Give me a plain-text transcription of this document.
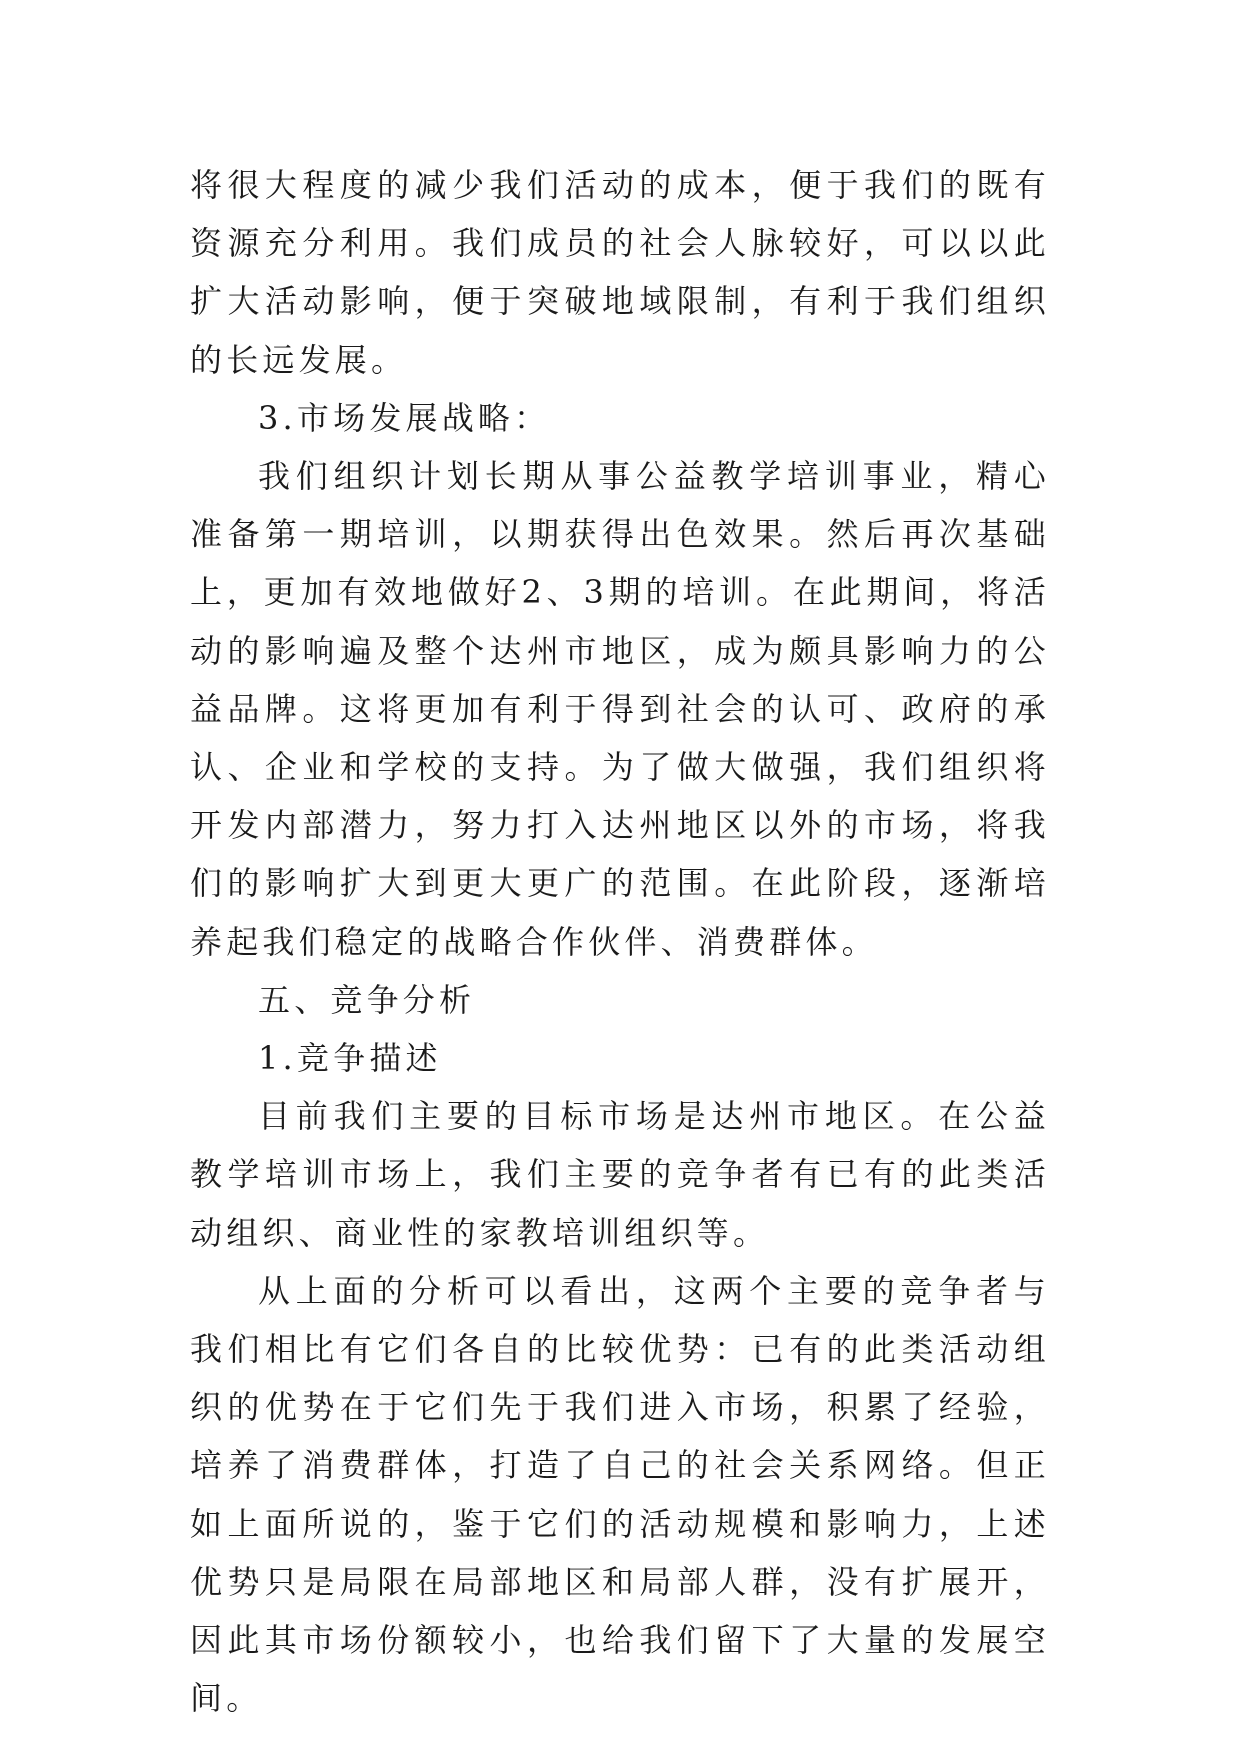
将很大程度的减少我们活动的成本，便于我们的既有资源充分利用。我们成员的社会人脉较好，可以以此扩大活动影响，便于突破地域限制，有利于我们组织的长远发展。

3.市场发展战略：

我们组织计划长期从事公益教学培训事业，精心准备第一期培训，以期获得出色效果。然后再次基础上，更加有效地做好2、3期的培训。在此期间，将活动的影响遍及整个达州市地区，成为颇具影响力的公益品牌。这将更加有利于得到社会的认可、政府的承认、企业和学校的支持。为了做大做强，我们组织将开发内部潜力，努力打入达州地区以外的市场，将我们的影响扩大到更大更广的范围。在此阶段，逐渐培养起我们稳定的战略合作伙伴、消费群体。

五、竞争分析

1.竞争描述

目前我们主要的目标市场是达州市地区。在公益教学培训市场上，我们主要的竞争者有已有的此类活动组织、商业性的家教培训组织等。

从上面的分析可以看出，这两个主要的竞争者与我们相比有它们各自的比较优势：已有的此类活动组织的优势在于它们先于我们进入市场，积累了经验，培养了消费群体，打造了自己的社会关系网络。但正如上面所说的，鉴于它们的活动规模和影响力，上述优势只是局限在局部地区和局部人群，没有扩展开，因此其市场份额较小，也给我们留下了大量的发展空间。
